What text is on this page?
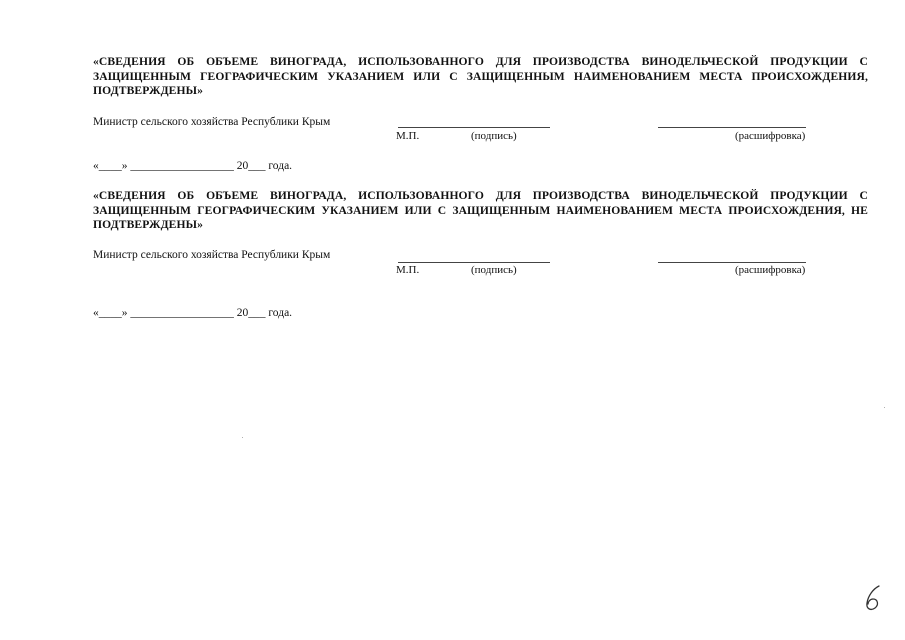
«СВЕДЕНИЯ ОБ ОБЪЕМЕ ВИНОГРАДА, ИСПОЛЬЗОВАННОГО ДЛЯ ПРОИЗВОДСТВА ВИНОДЕЛЬЧЕСКОЙ ПРОДУКЦИИ С ЗАЩИЩЕННЫМ ГЕОГРАФИЧЕСКИМ УКАЗАНИЕМ ИЛИ С ЗАЩИЩЕННЫМ НАИМЕНОВАНИЕМ МЕСТА ПРОИСХОЖДЕНИЯ, ПОДТВЕРЖДЕНЫ»
Министр сельского хозяйства Республики Крым
М.П.	(подпись)	(расшифровка)
«____» __________________ 20___ года.
«СВЕДЕНИЯ ОБ ОБЪЕМЕ ВИНОГРАДА, ИСПОЛЬЗОВАННОГО ДЛЯ ПРОИЗВОДСТВА ВИНОДЕЛЬЧЕСКОЙ ПРОДУКЦИИ С ЗАЩИЩЕННЫМ ГЕОГРАФИЧЕСКИМ УКАЗАНИЕМ ИЛИ С ЗАЩИЩЕННЫМ НАИМЕНОВАНИЕМ МЕСТА ПРОИСХОЖДЕНИЯ, НЕ ПОДТВЕРЖДЕНЫ»
Министр сельского хозяйства Республики Крым
М.П.	(подпись)	(расшифровка)
«____» __________________ 20___ года.
